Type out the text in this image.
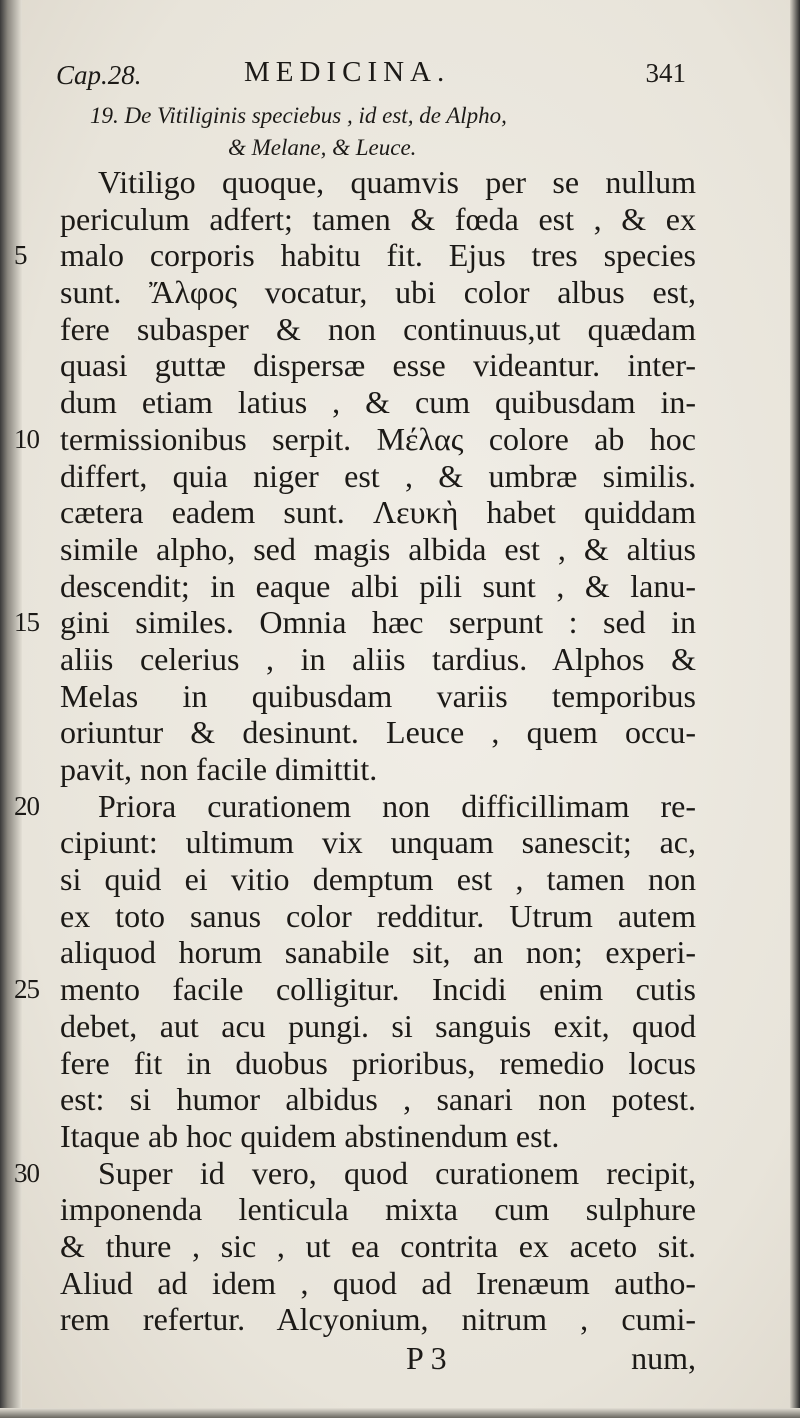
Cap.28.	MEDICINA.	341
19. De Vitiliginis speciebus , id est, de Alpho,
& Melane, & Leuce.
Vitiligo quoque, quamvis per se nullum
periculum adfert; tamen & fœda est , & ex
5 malo corporis habitu fit. Ejus tres species
sunt. Ἄλφος vocatur, ubi color albus est,
fere subasper & non continuus,ut quædam
quasi guttæ dispersæ esse videantur. inter-
dum etiam latius , & cum quibusdam in-
10 termissionibus serpit. Μέλας colore ab hoc
differt, quia niger est , & umbræ similis.
cætera eadem sunt. Λευκὴ habet quiddam
simile alpho, sed magis albida est , & altius
descendit; in eaque albi pili sunt , & lanu-
15 gini similes. Omnia hæc serpunt : sed in
aliis celerius , in aliis tardius. Alphos &
Melas in quibusdam variis temporibus
oriuntur & desinunt. Leuce , quem occu-
pavit, non facile dimittit.
20 Priora curationem non difficillimam re-
cipiunt: ultimum vix unquam sanescit; ac,
si quid ei vitio demptum est , tamen non
ex toto sanus color redditur. Utrum autem
aliquod horum sanabile sit, an non; experi-
25 mento facile colligitur. Incidi enim cutis
debet, aut acu pungi. si sanguis exit, quod
fere fit in duobus prioribus, remedio locus
est: si humor albidus , sanari non potest.
Itaque ab hoc quidem abstinendum est.
30 Super id vero, quod curationem recipit,
imponenda lenticula mixta cum sulphure
& thure , sic , ut ea contrita ex aceto sit.
Aliud ad idem , quod ad Irenæum autho-
rem refertur. Alcyonium, nitrum , cumi-
P 3	num,
